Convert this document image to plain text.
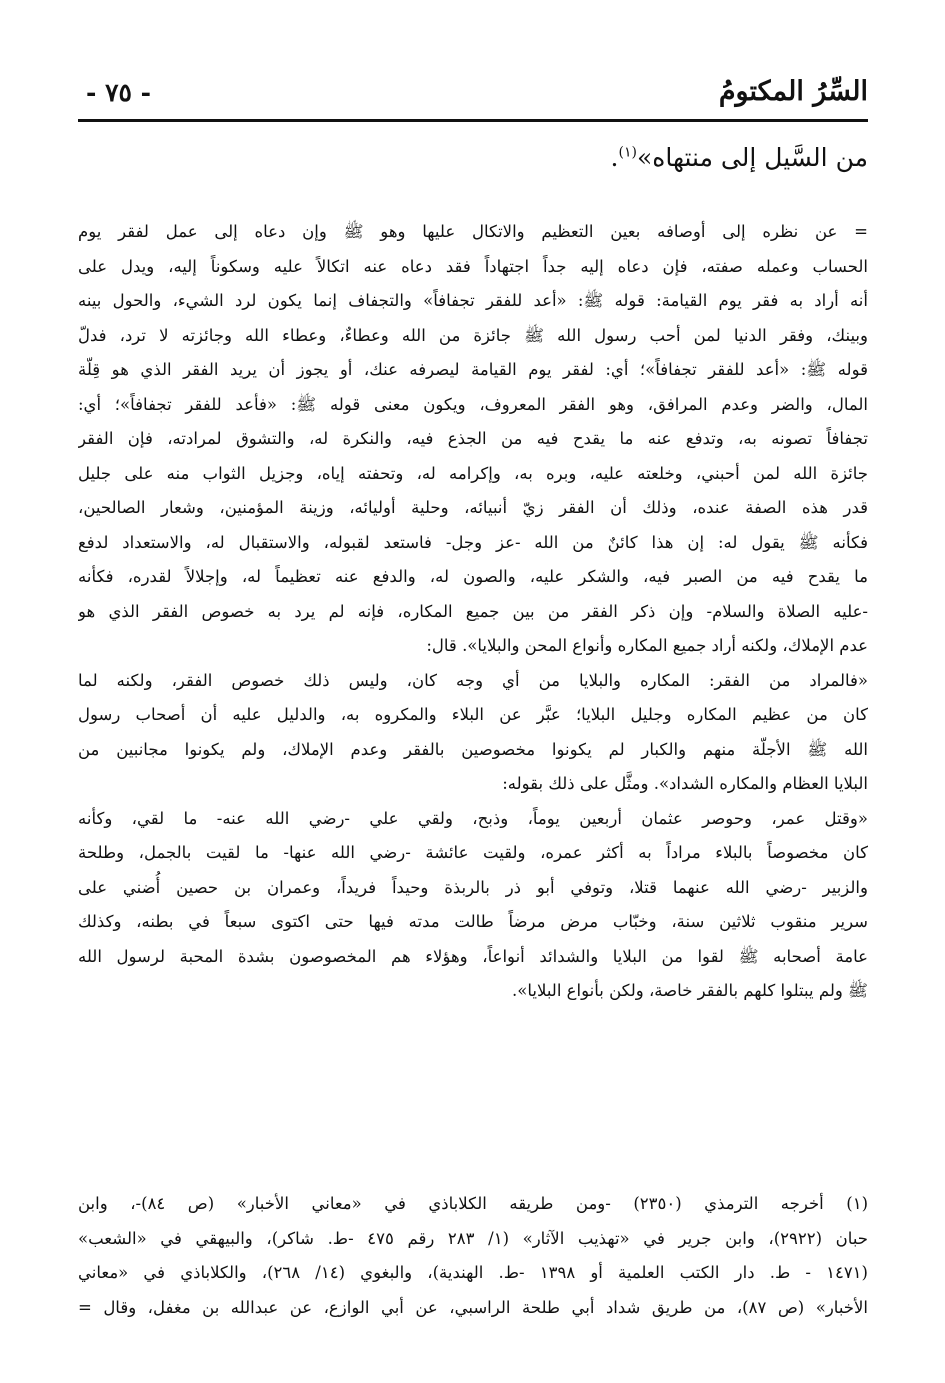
السِّرُ المكتومُ
- ٧٥ -
من السَّيل إلى منتهاه»$^{(١)}$.
= عن نظره إلى أوصافه بعين التعظيم والاتكال عليها وهو ﷺ وإن دعاه إلى عمل لفقر يوم
الحساب وعمله صفته، فإن دعاه إليه جداً اجتهاداً فقد دعاه عنه اتكالاً عليه وسكوناً إليه، ويدل على
أنه أراد به فقر يوم القيامة: قوله ﷺ: «أعد للفقر تجفافاً» والتجفاف إنما يكون لرد الشيء، والحول بينه
وبينك، وفقر الدنيا لمن أحب رسول الله ﷺ جائزة من الله وعطاءٌ، وعطاء الله وجائزته لا ترد، فدلّ
قوله ﷺ: «أعد للفقر تجفافاً»؛ أي: لفقر يوم القيامة ليصرفه عنك، أو يجوز أن يريد الفقر الذي هو قِلّة
المال، والضر وعدم المرافق، وهو الفقر المعروف، ويكون معنى قوله ﷺ: «فأعد للفقر تجفافاً»؛ أي:
تجفافاً تصونه به، وتدفع عنه ما يقدح فيه من الجذع فيه، والنكرة له، والتشوق لمرادته، فإن الفقر
جائزة الله لمن أحبني، وخلعته عليه، وبره به، وإكرامه له، وتحفته إياه، وجزيل الثواب منه على جليل
قدر هذه الصفة عنده، وذلك أن الفقر زيّ أنبيائه، وحلية أوليائه، وزينة المؤمنين، وشعار الصالحين،
فكأنه ﷺ يقول له: إن هذا كائنٌ من الله -عز وجل- فاستعد لقبوله، والاستقبال له، والاستعداد لدفع
ما يقدح فيه من الصبر فيه، والشكر عليه، والصون له، والدفع عنه تعظيماً له، وإجلالاً لقدره، فكأنه
-عليه الصلاة والسلام- وإن ذكر الفقر من بين جميع المكاره، فإنه لم يرد به خصوص الفقر الذي هو
عدم الإملاك، ولكنه أراد جميع المكاره وأنواع المحن والبلايا». قال:
«فالمراد من الفقر: المكاره والبلايا من أي وجه كان، وليس ذلك خصوص الفقر، ولكنه لما
كان من عظيم المكاره وجليل البلايا؛ عبَّر عن البلاء والمكروه به، والدليل عليه أن أصحاب رسول
الله ﷺ الأجلّة منهم والكبار لم يكونوا مخصوصين بالفقر وعدم الإملاك، ولم يكونوا مجانبين من
البلايا العظام والمكاره الشداد». ومثَّل على ذلك بقوله:
«وقتل عمر، وحوصر عثمان أربعين يوماً، وذبح، ولقي علي -رضي الله عنه- ما لقي، وكأنه
كان مخصوصاً بالبلاء مراداً به أكثر عمره، ولقيت عائشة -رضي الله عنها- ما لقيت بالجمل، وطلحة
والزبير -رضي الله عنهما قتلا، وتوفي أبو ذر بالربذة وحيداً فريداً، وعمران بن حصين أُضني على
سرير منقوب ثلاثين سنة، وخبّاب مرض مرضاً طالت مدته فيها حتى اكتوى سبعاً في بطنه، وكذلك
عامة أصحابه ﷺ لقوا من البلايا والشدائد أنواعاً، وهؤلاء هم المخصوصون بشدة المحبة لرسول الله
ﷺ ولم يبتلوا كلهم بالفقر خاصة، ولكن بأنواع البلايا».
(١) أخرجه الترمذي (٢٣٥٠) -ومن طريقه الكلاباذي في «معاني الأخبار» (ص ٨٤)-، وابن
حبان (٢٩٢٢)، وابن جرير في «تهذيب الآثار» (١/ ٢٨٣ رقم ٤٧٥ -ط. شاكر)، والبيهقي في «الشعب»
(١٤٧١ - ط. دار الكتب العلمية أو ١٣٩٨ -ط. الهندية)، والبغوي (١٤/ ٢٦٨)، والكلاباذي في «معاني
الأخبار» (ص ٨٧)، من طريق شداد أبي طلحة الراسبي، عن أبي الوازع، عن عبدالله بن مغفل، وقال =
